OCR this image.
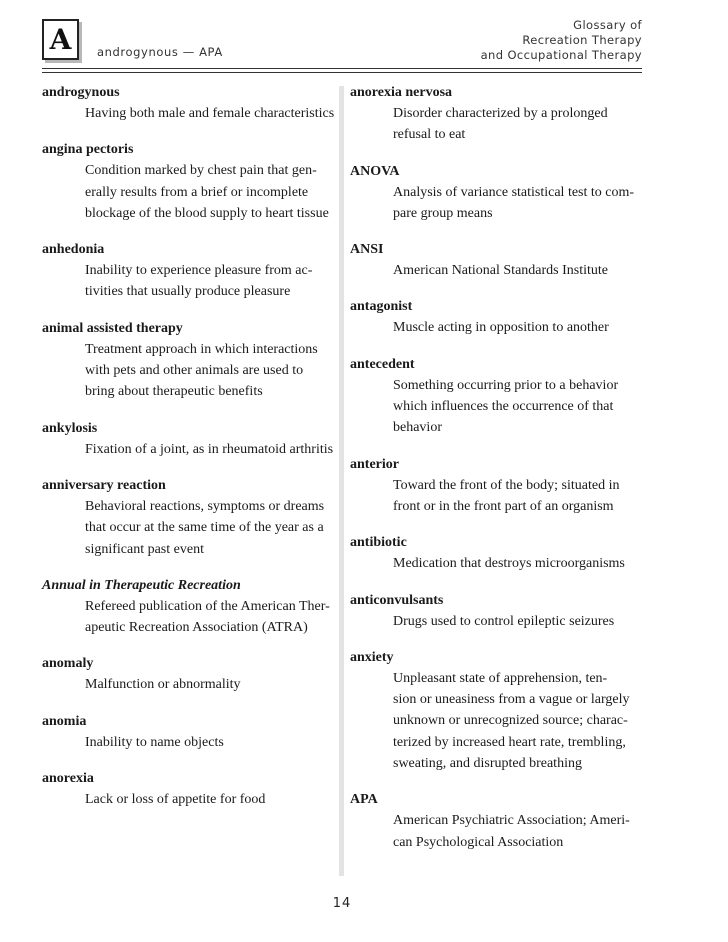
A	androgynous — APA
Glossary of
Recreation Therapy
and Occupational Therapy
androgynous
Having both male and female characteristics
angina pectoris
Condition marked by chest pain that gen-
erally results from a brief or incomplete
blockage of the blood supply to heart tissue
anhedonia
Inability to experience pleasure from ac-
tivities that usually produce pleasure
animal assisted therapy
Treatment approach in which interactions
with pets and other animals are used to
bring about therapeutic benefits
ankylosis
Fixation of a joint, as in rheumatoid arthritis
anniversary reaction
Behavioral reactions, symptoms or dreams
that occur at the same time of the year as a
significant past event
Annual in Therapeutic Recreation
Refereed publication of the American Ther-
apeutic Recreation Association (ATRA)
anomaly
Malfunction or abnormality
anomia
Inability to name objects
anorexia
Lack or loss of appetite for food
anorexia nervosa
Disorder characterized by a prolonged
refusal to eat
ANOVA
Analysis of variance statistical test to com-
pare group means
ANSI
American National Standards Institute
antagonist
Muscle acting in opposition to another
antecedent
Something occurring prior to a behavior
which influences the occurrence of that
behavior
anterior
Toward the front of the body; situated in
front or in the front part of an organism
antibiotic
Medication that destroys microorganisms
anticonvulsants
Drugs used to control epileptic seizures
anxiety
Unpleasant state of apprehension, ten-
sion or uneasiness from a vague or largely
unknown or unrecognized source; charac-
terized by increased heart rate, trembling,
sweating, and disrupted breathing
APA
American Psychiatric Association; Ameri-
can Psychological Association
14
